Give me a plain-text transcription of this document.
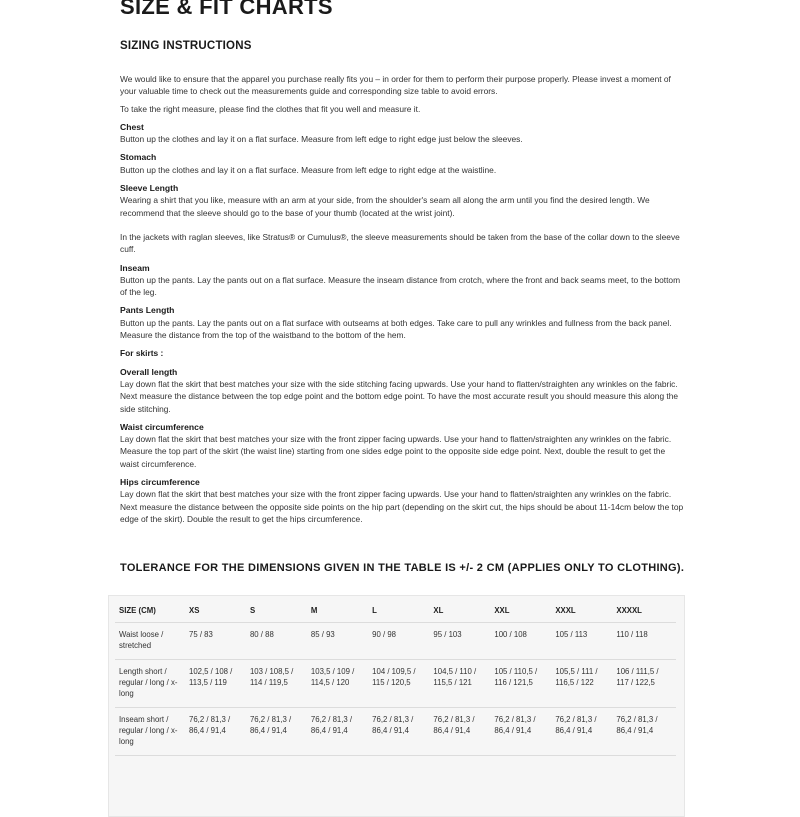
SIZE & FIT CHARTS
SIZING INSTRUCTIONS

We would like to ensure that the apparel you purchase really fits you – in order for them to perform their purpose properly. Please invest a moment of your valuable time to check out the measurements guide and corresponding size table to avoid errors.

To take the right measure, please find the clothes that fit you well and measure it.

Chest

Button up the clothes and lay it on a flat surface. Measure from left edge to right edge just below the sleeves.

Stomach

Button up the clothes and lay it on a flat surface. Measure from left edge to right edge at the waistline.

Sleeve Length

Wearing a shirt that you like, measure with an arm at your side, from the shoulder's seam all along the arm until you find the desired length. We recommend that the sleeve should go to the base of your thumb (located at the wrist joint).

In the jackets with raglan sleeves, like Stratus® or Cumulus®, the sleeve measurements should be taken from the base of the collar down to the sleeve cuff.

Inseam

Button up the pants. Lay the pants out on a flat surface. Measure the inseam distance from crotch, where the front and back seams meet, to the bottom of the leg.

Pants Length

Button up the pants. Lay the pants out on a flat surface with outseams at both edges. Take care to pull any wrinkles and fullness from the back panel. Measure the distance from the top of the waistband to the bottom of the hem.

For skirts :

Overall length

Lay down flat the skirt that best matches your size with the side stitching facing upwards. Use your hand to flatten/straighten any wrinkles on the fabric. Next measure the distance between the top edge point and the bottom edge point. To have the most accurate result you should measure this along the side stitching.

Waist circumference

Lay down flat the skirt that best matches your size with the front zipper facing upwards. Use your hand to flatten/straighten any wrinkles on the fabric. Measure the top part of the skirt (the waist line) starting from one sides edge point to the opposite side edge point. Next, double the result to get the waist circumference.

Hips circumference

Lay down flat the skirt that best matches your size with the front zipper facing upwards. Use your hand to flatten/straighten any wrinkles on the fabric. Next measure the distance between the opposite side points on the hip part (depending on the skirt cut, the hips should be about 11-14cm below the top edge of the skirt). Double the result to get the hips circumference.

TOLERANCE FOR THE DIMENSIONS GIVEN IN THE TABLE IS +/- 2 CM (APPLIES ONLY TO CLOTHING).
SIZE (CM)	XS	S	M	L	XL	XXL	XXXL	XXXXL
Waist loose / stretched	75 / 83	80 / 88	85 / 93	90 / 98	95 / 103	100 / 108	105 / 113	110 / 118
Length short / regular / long / x-long	102,5 / 108 / 113,5 / 119	103 / 108,5 / 114 / 119,5	103,5 / 109 / 114,5 / 120	104 / 109,5 / 115 / 120,5	104,5 / 110 / 115,5 / 121	105 / 110,5 / 116 / 121,5	105,5 / 111 / 116,5 / 122	106 / 111,5 / 117 / 122,5
Inseam short / regular / long / x-long	76,2 / 81,3 / 86,4 / 91,4	76,2 / 81,3 / 86,4 / 91,4	76,2 / 81,3 / 86,4 / 91,4	76,2 / 81,3 / 86,4 / 91,4	76,2 / 81,3 / 86,4 / 91,4	76,2 / 81,3 / 86,4 / 91,4	76,2 / 81,3 / 86,4 / 91,4	76,2 / 81,3 / 86,4 / 91,4
